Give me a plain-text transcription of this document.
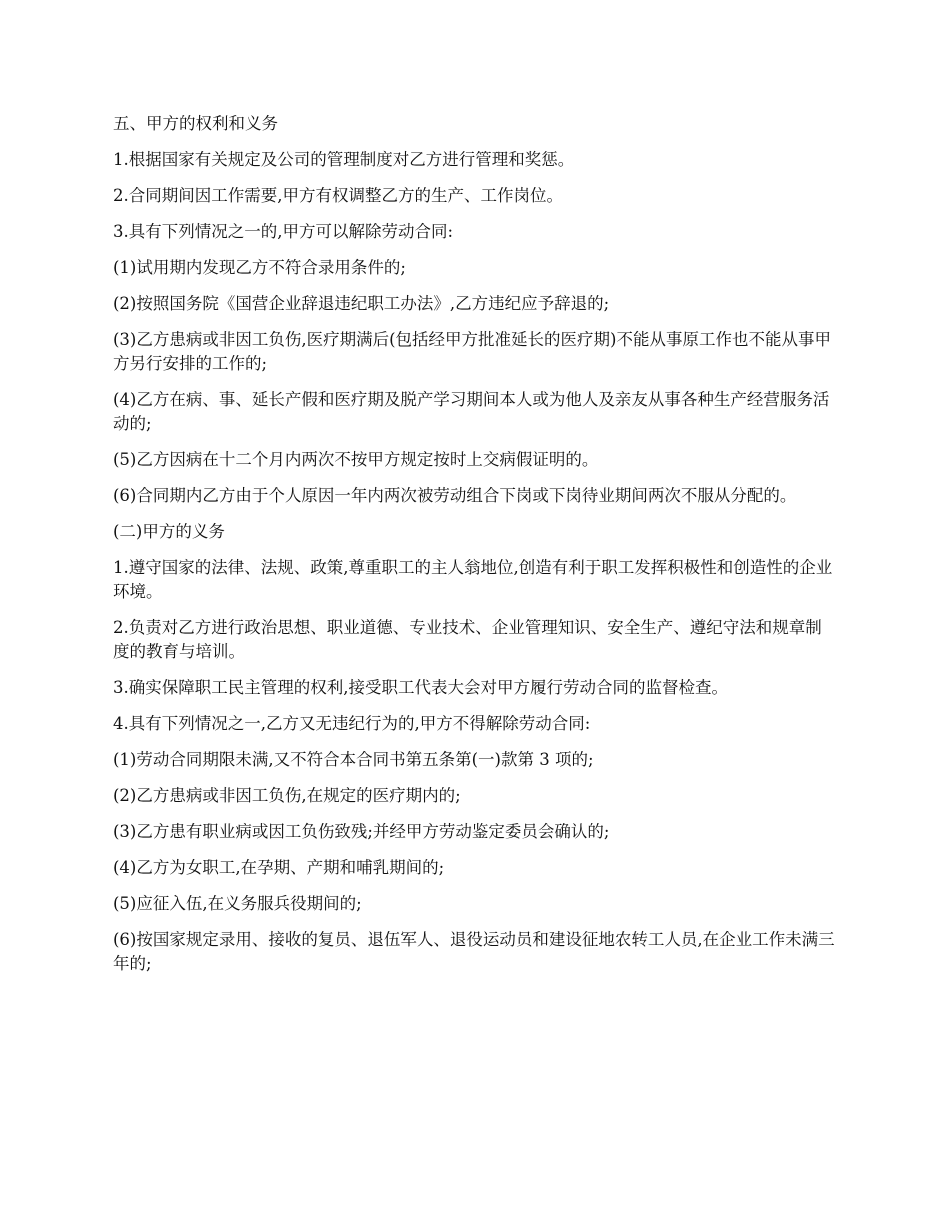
五、甲方的权利和义务

1.根据国家有关规定及公司的管理制度对乙方进行管理和奖惩。

2.合同期间因工作需要,甲方有权调整乙方的生产、工作岗位。

3.具有下列情况之一的,甲方可以解除劳动合同:

(1)试用期内发现乙方不符合录用条件的;

(2)按照国务院《国营企业辞退违纪职工办法》,乙方违纪应予辞退的;

(3)乙方患病或非因工负伤,医疗期满后(包括经甲方批准延长的医疗期)不能从事原工作也不能从事甲方另行安排的工作的;

(4)乙方在病、事、延长产假和医疗期及脱产学习期间本人或为他人及亲友从事各种生产经营服务活动的;

(5)乙方因病在十二个月内两次不按甲方规定按时上交病假证明的。

(6)合同期内乙方由于个人原因一年内两次被劳动组合下岗或下岗待业期间两次不服从分配的。

(二)甲方的义务

1.遵守国家的法律、法规、政策,尊重职工的主人翁地位,创造有利于职工发挥积极性和创造性的企业环境。

2.负责对乙方进行政治思想、职业道德、专业技术、企业管理知识、安全生产、遵纪守法和规章制度的教育与培训。

3.确实保障职工民主管理的权利,接受职工代表大会对甲方履行劳动合同的监督检查。

4.具有下列情况之一,乙方又无违纪行为的,甲方不得解除劳动合同:

(1)劳动合同期限未满,又不符合本合同书第五条第(一)款第 3 项的;

(2)乙方患病或非因工负伤,在规定的医疗期内的;

(3)乙方患有职业病或因工负伤致残;并经甲方劳动鉴定委员会确认的;

(4)乙方为女职工,在孕期、产期和哺乳期间的;

(5)应征入伍,在义务服兵役期间的;

(6)按国家规定录用、接收的复员、退伍军人、退役运动员和建设征地农转工人员,在企业工作未满三年的;
